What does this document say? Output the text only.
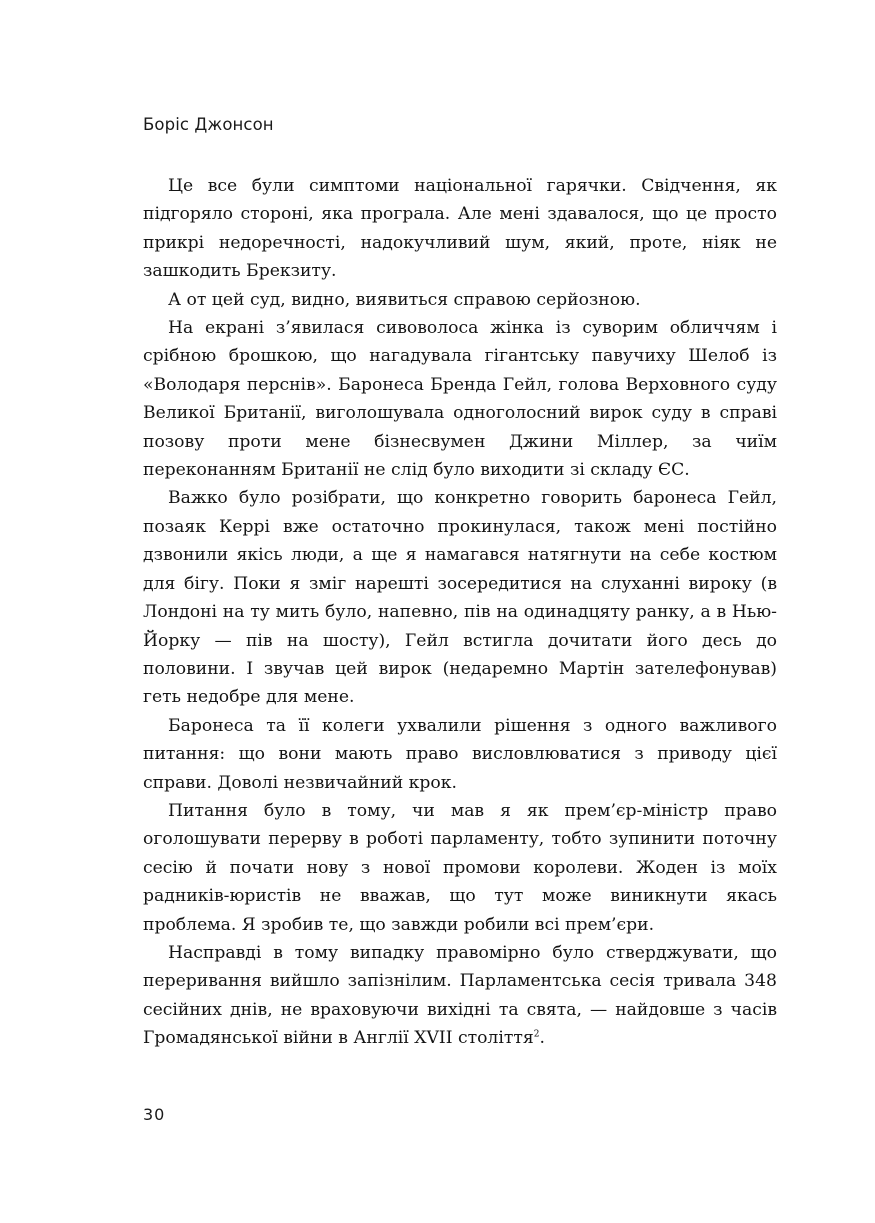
Боріс Джонсон

Це все були симптоми національної гарячки. Свідчення, як підгоряло стороні, яка програла. Але мені здавалося, що це просто прикрі недоречності, надокучливий шум, який, проте, ніяк не зашкодить Брекзиту.

А от цей суд, видно, виявиться справою серйозною.

На екрані з’явилася сивоволоса жінка із суворим обличчям і срібною брошкою, що нагадувала гігантську павучиху Шелоб із «Володаря перснів». Баронеса Бренда Гейл, голова Верховного суду Великої Британії, виголошувала одноголосний вирок суду в справі позову проти мене бізнесвумен Джини Міллер, за чиїм переконанням Британії не слід було виходити зі складу ЄС.

Важко було розібрати, що конкретно говорить баронеса Гейл, позаяк Керрі вже остаточно прокинулася, також мені постійно дзвонили якісь люди, а ще я намагався натягнути на себе костюм для бігу. Поки я зміг нарешті зосередитися на слуханні вироку (в Лондоні на ту мить було, напевно, пів на одинадцяту ранку, а в Нью-Йорку — пів на шосту), Гейл встигла дочитати його десь до половини. І звучав цей вирок (недаремно Мартін зателефонував) геть недобре для мене.

Баронеса та її колеги ухвалили рішення з одного важливого питання: що вони мають право висловлюватися з приводу цієї справи. Доволі незвичайний крок.

Питання було в тому, чи мав я як прем’єр-міністр право оголошувати перерву в роботі парламенту, тобто зупинити поточну сесію й почати нову з нової промови королеви. Жоден із моїх радників-юристів не вважав, що тут може виникнути якась проблема. Я зробив те, що завжди робили всі прем’єри.

Насправді в тому випадку правомірно було стверджувати, що переривання вийшло запізнілим. Парламентська сесія тривала 348 сесійних днів, не враховуючи вихідні та свята, — найдовше з часів Громадянської війни в Англії XVII століття$^2$.

30
